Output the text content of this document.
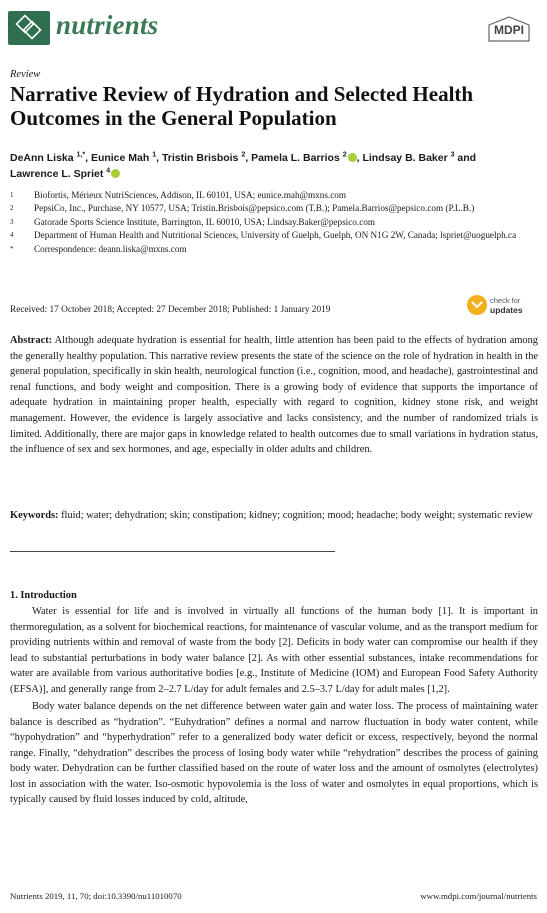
nutrients	MDPI
Review
Narrative Review of Hydration and Selected Health Outcomes in the General Population
DeAnn Liska $^{1,*}$, Eunice Mah $^1$, Tristin Brisbois $^2$, Pamela L. Barrios $^2$ , Lindsay B. Baker $^3$ and
Lawrence L. Spriet $^4$
1 Biofortis, Mérieux NutriSciences, Addison, IL 60101, USA; eunice.mah@mxns.com
2 PepsiCo, Inc., Purchase, NY 10577, USA; Tristin.Brisbois@pepsico.com (T.B.); Pamela.Barrios@pepsico.com (P.L.B.)
3 Gatorade Sports Science Institute, Barrington, IL 60010, USA; Lindsay.Baker@pepsico.com
4 Department of Human Health and Nutritional Sciences, University of Guelph, Guelph, ON N1G 2W, Canada; lspriet@uoguelph.ca
* Correspondence: deann.liska@mxns.com
Received: 17 October 2018; Accepted: 27 December 2018; Published: 1 January 2019
check for
updates
Abstract: Although adequate hydration is essential for health, little attention has been paid to the effects of hydration among the generally healthy population. This narrative review presents the state of the science on the role of hydration in health in the general population, specifically in skin health, neurological function (i.e., cognition, mood, and headache), gastrointestinal and renal functions, and body weight and composition. There is a growing body of evidence that supports the importance of adequate hydration in maintaining proper health, especially with regard to cognition, kidney stone risk, and weight management. However, the evidence is largely associative and lacks consistency, and the number of randomized trials is limited. Additionally, there are major gaps in knowledge related to health outcomes due to small variations in hydration status, the influence of sex and sex hormones, and age, especially in older adults and children.
Keywords: fluid; water; dehydration; skin; constipation; kidney; cognition; mood; headache; body weight; systematic review
1. Introduction

Water is essential for life and is involved in virtually all functions of the human body [1]. It is important in thermoregulation, as a solvent for biochemical reactions, for maintenance of vascular volume, and as the transport medium for providing nutrients within and removal of waste from the body [2]. Deficits in body water can compromise our health if they lead to substantial perturbations in body water balance [2]. As with other essential substances, intake recommendations for water are available from various authoritative bodies [e.g., Institute of Medicine (IOM) and European Food Safety Authority (EFSA)], and generally range from 2–2.7 L/day for adult females and 2.5–3.7 L/day for adult males [1,2].

Body water balance depends on the net difference between water gain and water loss. The process of maintaining water balance is described as “hydration”. “Euhydration” defines a normal and narrow fluctuation in body water content, while “hypohydration” and “hyperhydration” refer to a generalized body water deficit or excess, respectively, beyond the normal range. Finally, “dehydration” describes the process of losing body water while “rehydration” describes the process of gaining body water. Dehydration can be further classified based on the route of water loss and the amount of osmolytes (electrolytes) lost in association with the water. Iso-osmotic hypovolemia is the loss of water and osmolytes in equal proportions, which is typically caused by fluid losses induced by cold, altitude,

Nutrients 2019, 11, 70; doi:10.3390/nu11010070	www.mdpi.com/journal/nutrients
